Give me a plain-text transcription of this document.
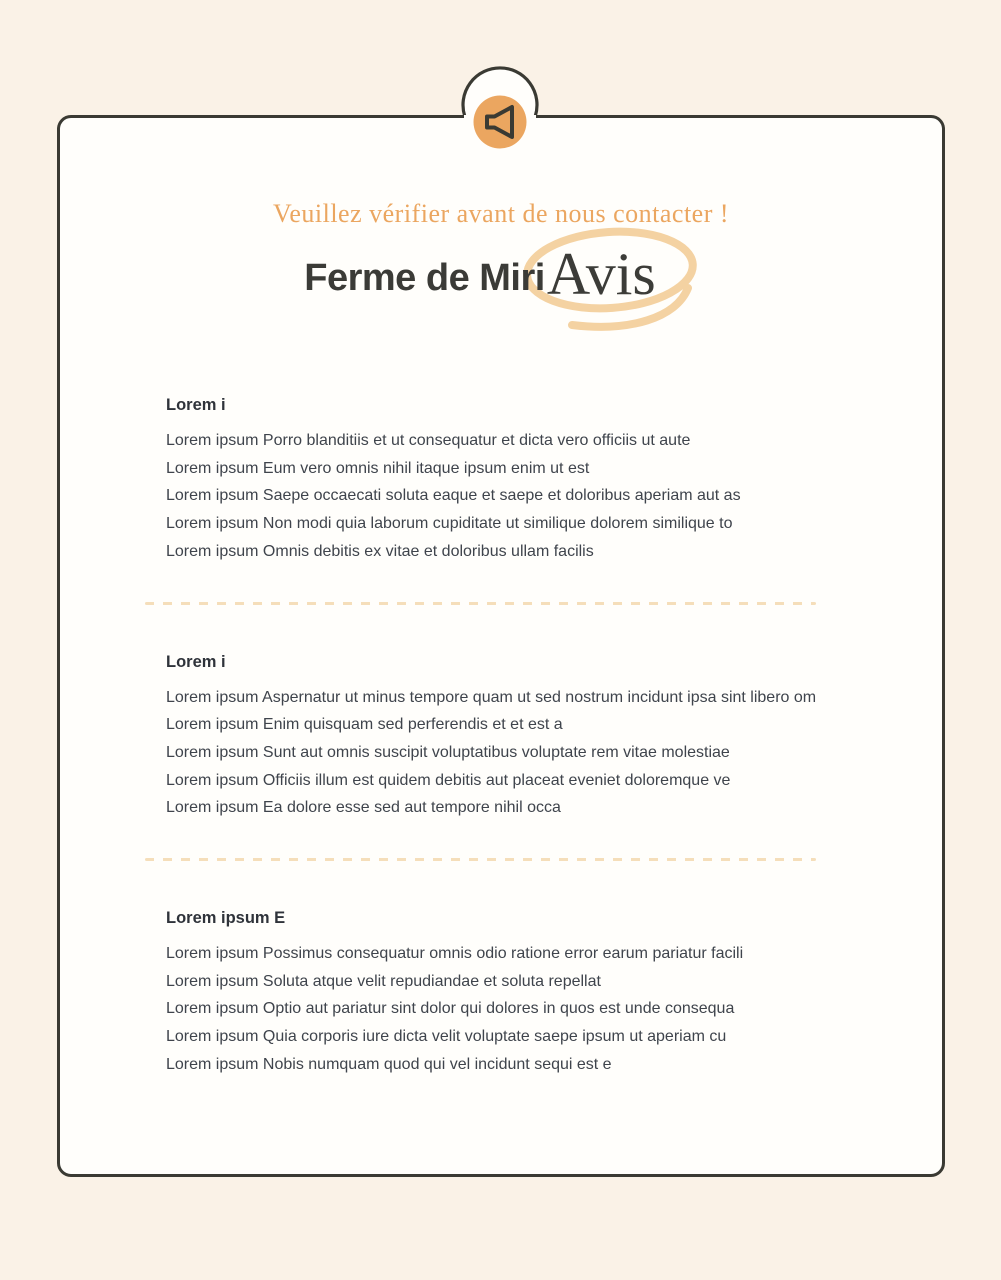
Veuillez vérifier avant de nous contacter !
Ferme de Miri Avis
Lorem i
Lorem ipsum Porro blanditiis et ut consequatur et dicta vero officiis ut aute
Lorem ipsum Eum vero omnis nihil itaque ipsum enim ut est
Lorem ipsum Saepe occaecati soluta eaque et saepe et doloribus aperiam aut as
Lorem ipsum Non modi quia laborum cupiditate ut similique dolorem similique to
Lorem ipsum Omnis debitis ex vitae et doloribus ullam facilis
Lorem i
Lorem ipsum Aspernatur ut minus tempore quam ut sed nostrum incidunt ipsa sint libero om
Lorem ipsum Enim quisquam sed perferendis et et est a
Lorem ipsum Sunt aut omnis suscipit voluptatibus voluptate rem vitae molestiae
Lorem ipsum Officiis illum est quidem debitis aut placeat eveniet doloremque ve
Lorem ipsum Ea dolore esse sed aut tempore nihil occa
Lorem ipsum E
Lorem ipsum Possimus consequatur omnis odio ratione error earum pariatur facili
Lorem ipsum Soluta atque velit repudiandae et soluta repellat
Lorem ipsum Optio aut pariatur sint dolor qui dolores in quos est unde consequa
Lorem ipsum Quia corporis iure dicta velit voluptate saepe ipsum ut aperiam cu
Lorem ipsum Nobis numquam quod qui vel incidunt sequi est e
